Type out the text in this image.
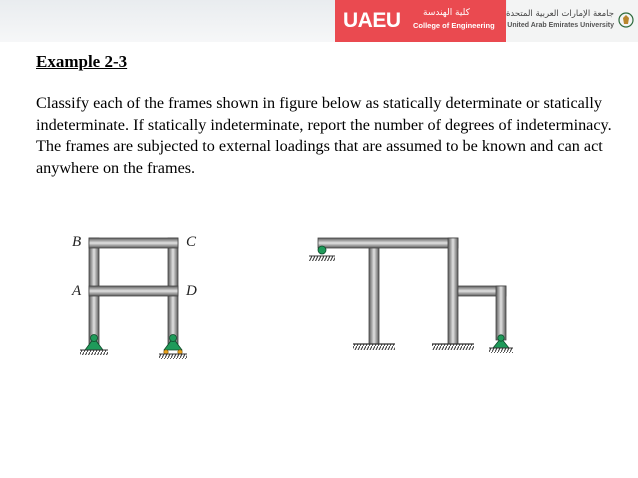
UAEU كلية الهندسة
College of Engineering
جامعة الإمارات العربية المتحدة
United Arab Emirates University
Example 2-3
Classify each of the frames shown in figure below as statically determinate or statically indeterminate. If statically indeterminate, report the number of degrees of indeterminacy. The frames are subjected to external loadings that are assumed to be known and can act anywhere on the frames.
B	C
A	D
